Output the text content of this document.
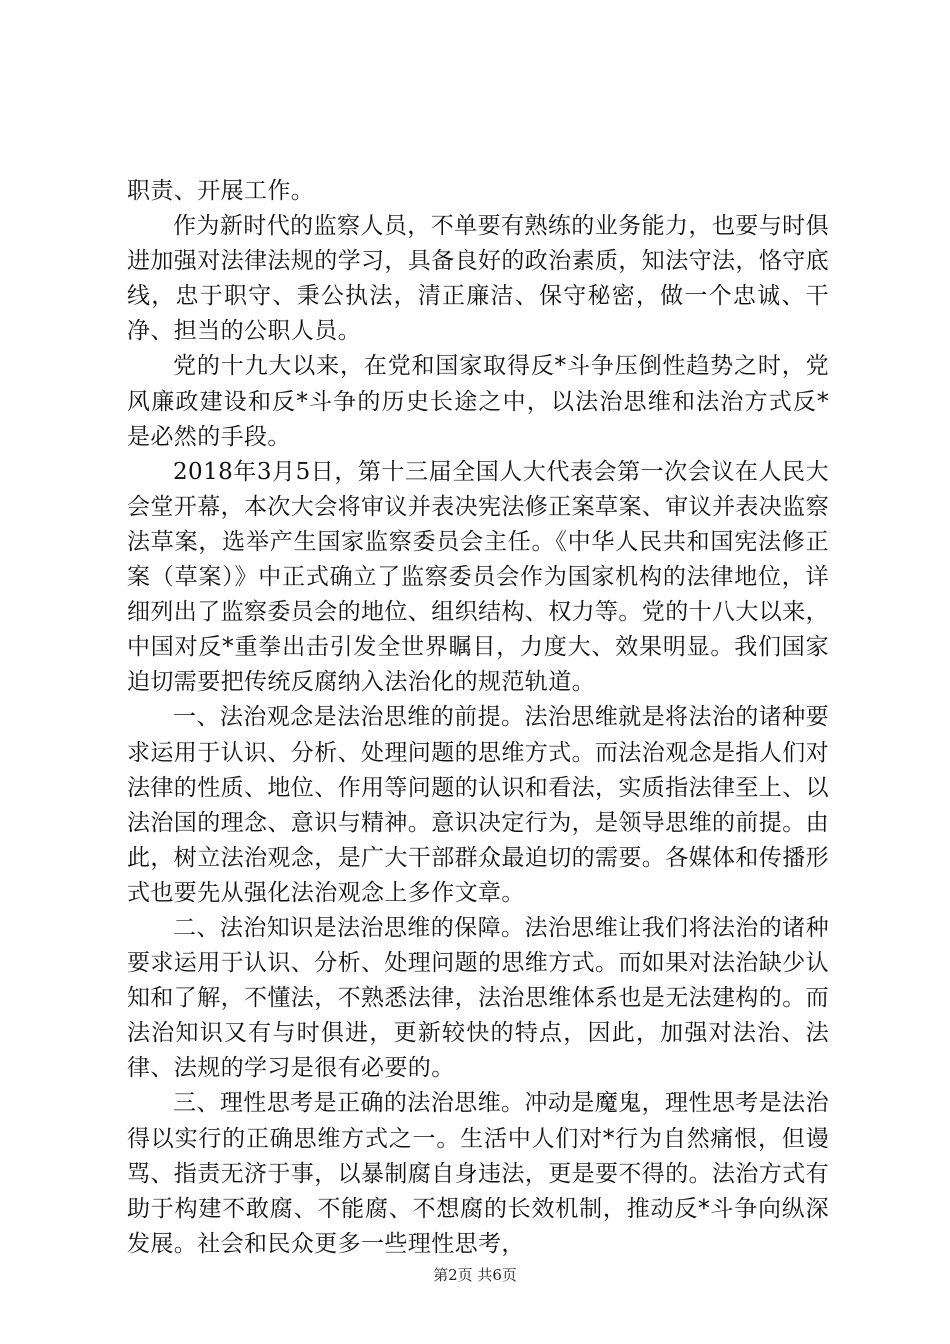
职责、开展工作。

作为新时代的监察人员，不单要有熟练的业务能力，也要与时俱进加强对法律法规的学习，具备良好的政治素质，知法守法，恪守底线，忠于职守、秉公执法，清正廉洁、保守秘密，做一个忠诚、干净、担当的公职人员。

党的十九大以来，在党和国家取得反*斗争压倒性趋势之时，党风廉政建设和反*斗争的历史长途之中，以法治思维和法治方式反*是必然的手段。

2018年3月5日，第十三届全国人大代表会第一次会议在人民大会堂开幕，本次大会将审议并表决宪法修正案草案、审议并表决监察法草案，选举产生国家监察委员会主任。《中华人民共和国宪法修正案（草案）》中正式确立了监察委员会作为国家机构的法律地位，详细列出了监察委员会的地位、组织结构、权力等。党的十八大以来，中国对反*重拳出击引发全世界瞩目，力度大、效果明显。我们国家迫切需要把传统反腐纳入法治化的规范轨道。

一、法治观念是法治思维的前提。法治思维就是将法治的诸种要求运用于认识、分析、处理问题的思维方式。而法治观念是指人们对法律的性质、地位、作用等问题的认识和看法，实质指法律至上、以法治国的理念、意识与精神。意识决定行为，是领导思维的前提。由此，树立法治观念，是广大干部群众最迫切的需要。各媒体和传播形式也要先从强化法治观念上多作文章。

二、法治知识是法治思维的保障。法治思维让我们将法治的诸种要求运用于认识、分析、处理问题的思维方式。而如果对法治缺少认知和了解，不懂法，不熟悉法律，法治思维体系也是无法建构的。而法治知识又有与时俱进，更新较快的特点，因此，加强对法治、法律、法规的学习是很有必要的。

三、理性思考是正确的法治思维。冲动是魔鬼，理性思考是法治得以实行的正确思维方式之一。生活中人们对*行为自然痛恨，但谩骂、指责无济于事，以暴制腐自身违法，更是要不得的。法治方式有助于构建不敢腐、不能腐、不想腐的长效机制，推动反*斗争向纵深发展。社会和民众更多一些理性思考，

第2页 共6页
